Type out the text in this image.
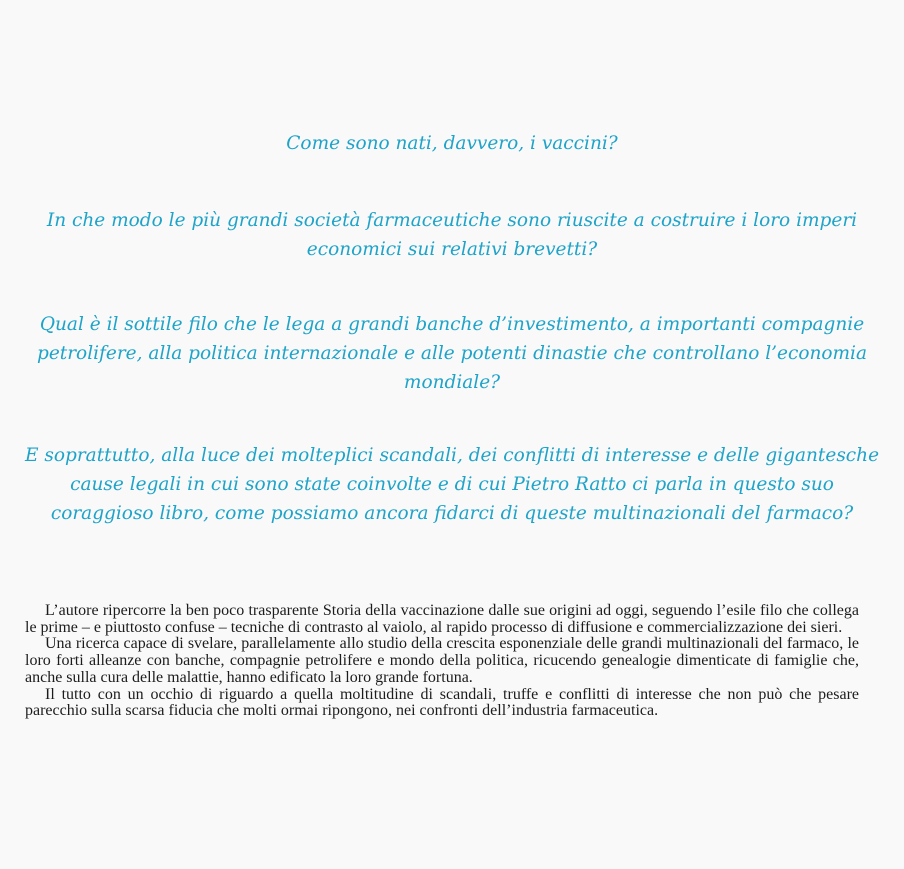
Come sono nati, davvero, i vaccini?

In che modo le più grandi società farmaceutiche sono riuscite a costruire i loro imperi economici sui relativi brevetti?

Qual è il sottile filo che le lega a grandi banche d’investimento, a importanti compagnie petrolifere, alla politica internazionale e alle potenti dinastie che controllano l’economia mondiale?

E soprattutto, alla luce dei molteplici scandali, dei conflitti di interesse e delle gigantesche cause legali in cui sono state coinvolte e di cui Pietro Ratto ci parla in questo suo coraggioso libro, come possiamo ancora fidarci di queste multinazionali del farmaco?

L’autore ripercorre la ben poco trasparente Storia della vaccinazione dalle sue origini ad oggi, seguendo l’esile filo che collega le prime – e piuttosto confuse – tecniche di contrasto al vaiolo, al rapido processo di diffusione e commercializzazione dei sieri.

Una ricerca capace di svelare, parallelamente allo studio della crescita esponenziale delle grandi multinazionali del farmaco, le loro forti alleanze con banche, compagnie petrolifere e mondo della politica, ricucendo genealogie dimenticate di famiglie che, anche sulla cura delle malattie, hanno edificato la loro grande fortuna.

Il tutto con un occhio di riguardo a quella moltitudine di scandali, truffe e conflitti di interesse che non può che pesare parecchio sulla scarsa fiducia che molti ormai ripongono, nei confronti dell’industria farmaceutica.
